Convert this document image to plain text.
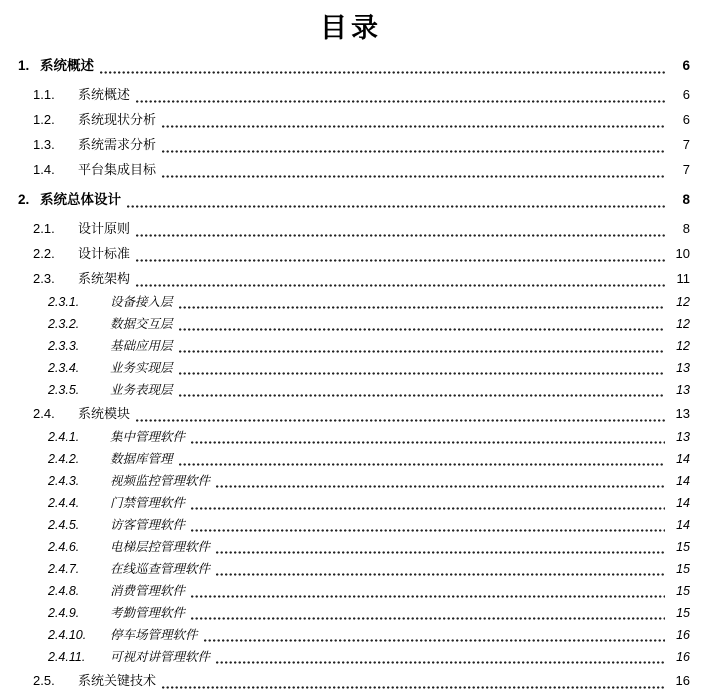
目录
1. 系统概述	6
1.1.	系统概述	6
1.2.	系统现状分析	6
1.3.	系统需求分析	7
1.4.	平台集成目标	7
2. 系统总体设计	8
2.1.	设计原则	8
2.2.	设计标准	10
2.3.	系统架构	11
2.3.1.	设备接入层	12
2.3.2.	数据交互层	12
2.3.3.	基础应用层	12
2.3.4.	业务实现层	13
2.3.5.	业务表现层	13
2.4.	系统模块	13
2.4.1.	集中管理软件	13
2.4.2.	数据库管理	14
2.4.3.	视频监控管理软件	14
2.4.4.	门禁管理软件	14
2.4.5.	访客管理软件	14
2.4.6.	电梯层控管理软件	15
2.4.7.	在线巡查管理软件	15
2.4.8.	消费管理软件	15
2.4.9.	考勤管理软件	15
2.4.10.	停车场管理软件	16
2.4.11.	可视对讲管理软件	16
2.5.	系统关键技术	16
